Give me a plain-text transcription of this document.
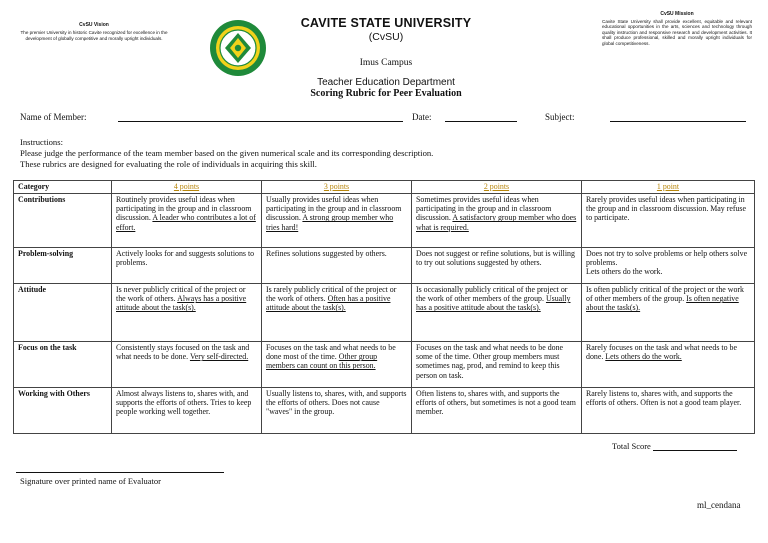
CvSU Vision
The premier University in historic Cavite recognized for excellence in the development of globally competitive and morally upright individuals.
CvSU Mission
Cavite State University shall provide excellent, equitable and relevant educational opportunities in the arts, sciences and technology through quality instruction and responsive research and development activities. It shall produce professional, skilled and morally upright individuals for global competitiveness.
CAVITE STATE UNIVERSITY
(CvSU)
Imus Campus
Teacher Education Department
Scoring Rubric for Peer Evaluation
Name of Member:	Date:	Subject:
Instructions:
Please judge the performance of the team member based on the given numerical scale and its corresponding description.
These rubrics are designed for evaluating the role of individuals in acquiring this skill.
Category	4 points	3 points	2 points	1 point
Contributions	Routinely provides useful ideas when participating in the group and in classroom discussion. A leader who contributes a lot of effort.	Usually provides useful ideas when participating in the group and in classroom discussion. A strong group member who tries hard!	Sometimes provides useful ideas when participating in the group and in classroom discussion. A satisfactory group member who does what is required.	Rarely provides useful ideas when participating in the group and in classroom discussion. May refuse to participate.
Problem-solving	Actively looks for and suggests solutions to problems.	Refines solutions suggested by others.	Does not suggest or refine solutions, but is willing to try out solutions suggested by others.	Does not try to solve problems or help others solve problems.
Lets others do the work.
Attitude	Is never publicly critical of the project or the work of others. Always has a positive attitude about the task(s).	Is rarely publicly critical of the project or the work of others. Often has a positive attitude about the task(s).	Is occasionally publicly critical of the project or the work of other members of the group. Usually has a positive attitude about the task(s).	Is often publicly critical of the project or the work of other members of the group. Is often negative about the task(s).
Focus on the task	Consistently stays focused on the task and what needs to be done. Very self-directed.	Focuses on the task and what needs to be done most of the time. Other group members can count on this person.	Focuses on the task and what needs to be done some of the time. Other group members must sometimes nag, prod, and remind to keep this person on task.	Rarely focuses on the task and what needs to be done. Lets others do the work.
Working with Others	Almost always listens to, shares with, and supports the efforts of others. Tries to keep people working well together.	Usually listens to, shares, with, and supports the efforts of others. Does not cause "waves" in the group.	Often listens to, shares with, and supports the efforts of others, but sometimes is not a good team member.	Rarely listens to, shares with, and supports the efforts of others. Often is not a good team player.
Total Score
Signature over printed name of Evaluator
ml_cendana
